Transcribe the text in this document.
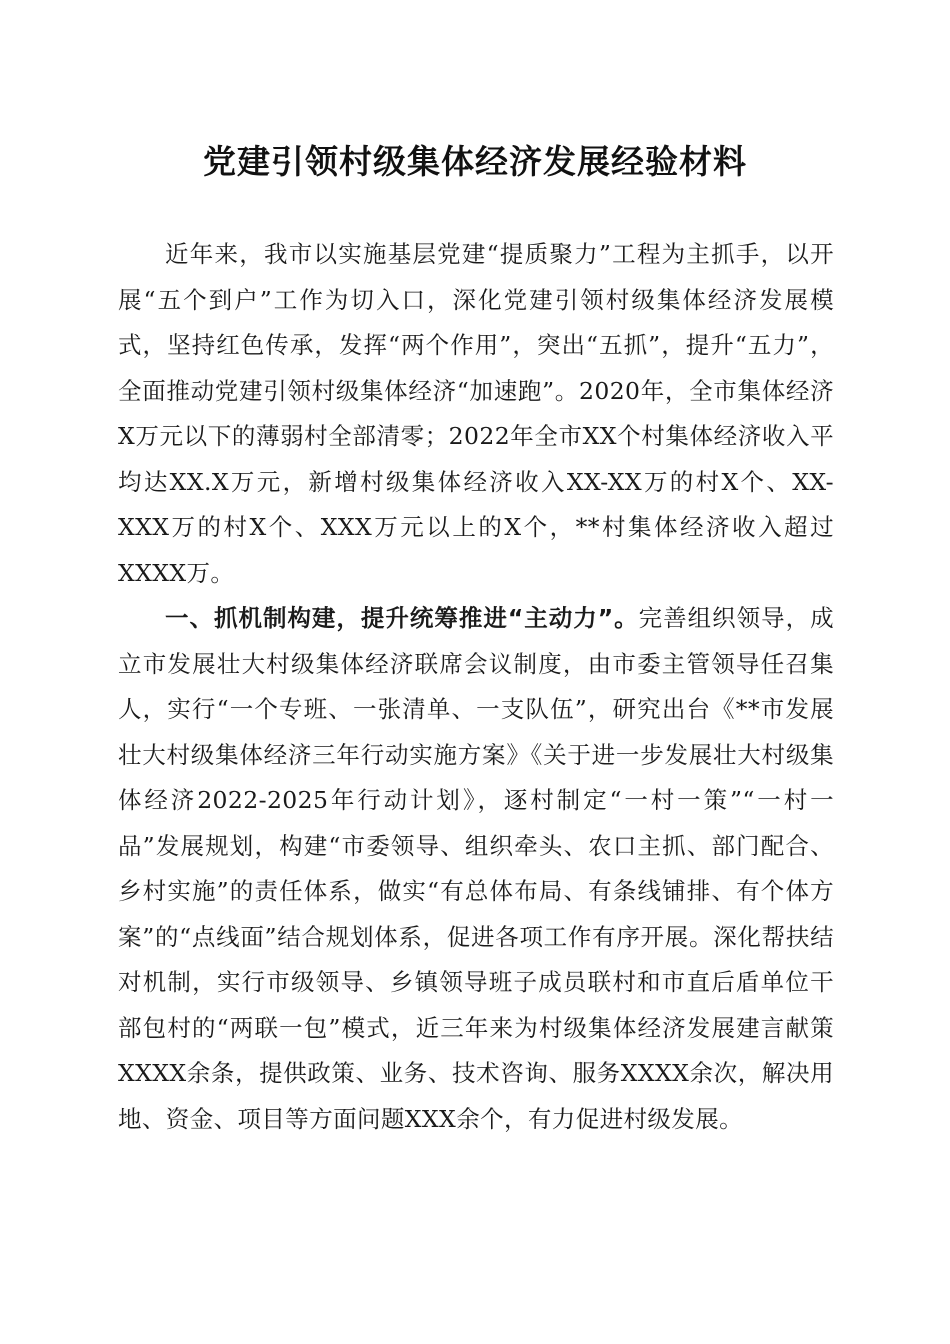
党建引领村级集体经济发展经验材料

近年来，我市以实施基层党建“提质聚力”工程为主抓手，以开展“五个到户”工作为切入口，深化党建引领村级集体经济发展模式，坚持红色传承，发挥“两个作用”，突出“五抓”，提升“五力”，全面推动党建引领村级集体经济“加速跑”。2020年，全市集体经济X万元以下的薄弱村全部清零；2022年全市XX个村集体经济收入平均达XX.X万元，新增村级集体经济收入XX-XX万的村X个、XX-XXX万的村X个、XXX万元以上的X个，**村集体经济收入超过XXXX万。

一、抓机制构建，提升统筹推进“主动力”。完善组织领导，成立市发展壮大村级集体经济联席会议制度，由市委主管领导任召集人，实行“一个专班、一张清单、一支队伍”，研究出台《**市发展壮大村级集体经济三年行动实施方案》《关于进一步发展壮大村级集体经济2022-2025年行动计划》，逐村制定“一村一策”“一村一品”发展规划，构建“市委领导、组织牵头、农口主抓、部门配合、乡村实施”的责任体系，做实“有总体布局、有条线铺排、有个体方案”的“点线面”结合规划体系，促进各项工作有序开展。深化帮扶结对机制，实行市级领导、乡镇领导班子成员联村和市直后盾单位干部包村的“两联一包”模式，近三年来为村级集体经济发展建言献策XXXX余条，提供政策、业务、技术咨询、服务XXXX余次，解决用地、资金、项目等方面问题XXX余个，有力促进村级发展。
